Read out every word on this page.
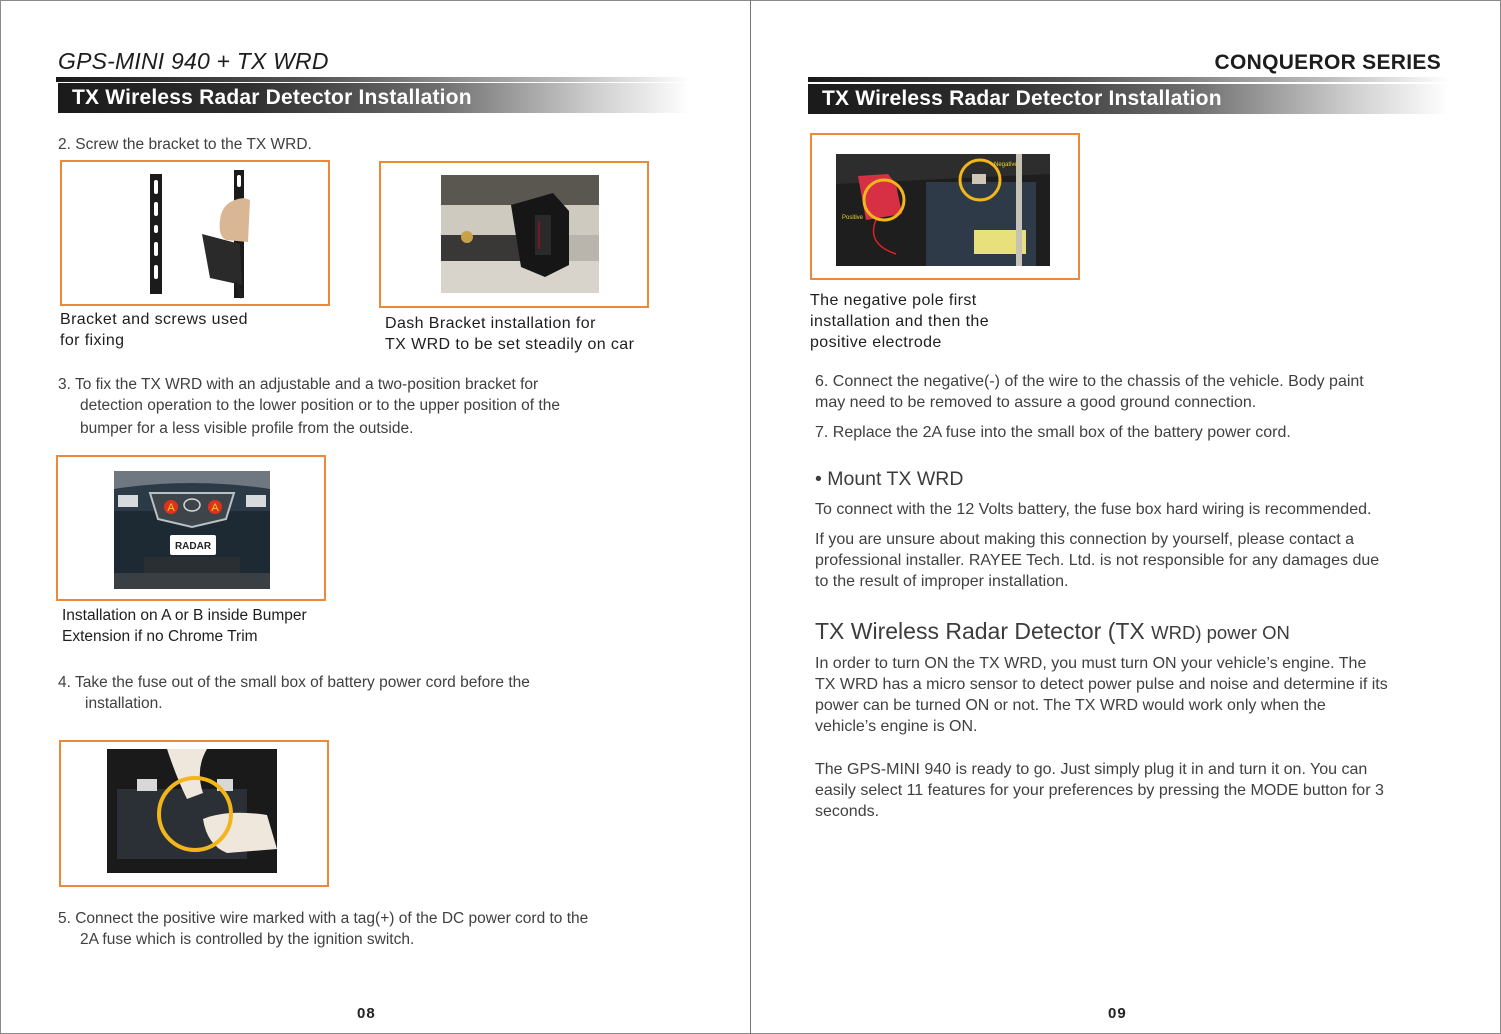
GPS-MINI 940 + TX WRD
TX Wireless Radar Detector Installation
2. Screw the bracket to the TX WRD.
Bracket and screws used
for fixing
Dash Bracket installation for
TX WRD to be set steadily on car
3. To fix the TX WRD with an adjustable and a two-position bracket for
detection operation to the lower position or to the upper position of the
bumper for a less visible profile from the outside.
A	A
RADAR
Installation on A or B inside Bumper
Extension if no Chrome Trim
4. Take the fuse out of the small box of battery power cord before the
installation.
5. Connect the positive wire marked with a tag(+) of the DC power cord to the
2A fuse which is controlled by the ignition switch.
08
CONQUEROR SERIES
TX Wireless Radar Detector Installation
Negative
Positive
The negative pole first
installation and then the
positive electrode
6. Connect the negative(-) of the wire to the chassis of the vehicle. Body paint
may need to be removed to assure a good ground connection.
7. Replace the 2A fuse into the small box of the battery power cord.
• Mount TX WRD
To connect with the 12 Volts battery, the fuse box hard wiring is recommended.
If you are unsure about making this connection by yourself, please contact a
professional installer. RAYEE Tech. Ltd. is not responsible for any damages due
to the result of improper installation.
TX Wireless Radar Detector (TX WRD) power ON
In order to turn ON the TX WRD, you must turn ON your vehicle’s engine. The
TX WRD has a micro sensor to detect power pulse and noise and determine if its
power can be turned ON or not. The TX WRD would work only when the
vehicle’s engine is ON.
The GPS-MINI 940 is ready to go. Just simply plug it in and turn it on. You can
easily select 11 features for your preferences by pressing the MODE button for 3
seconds.
09
